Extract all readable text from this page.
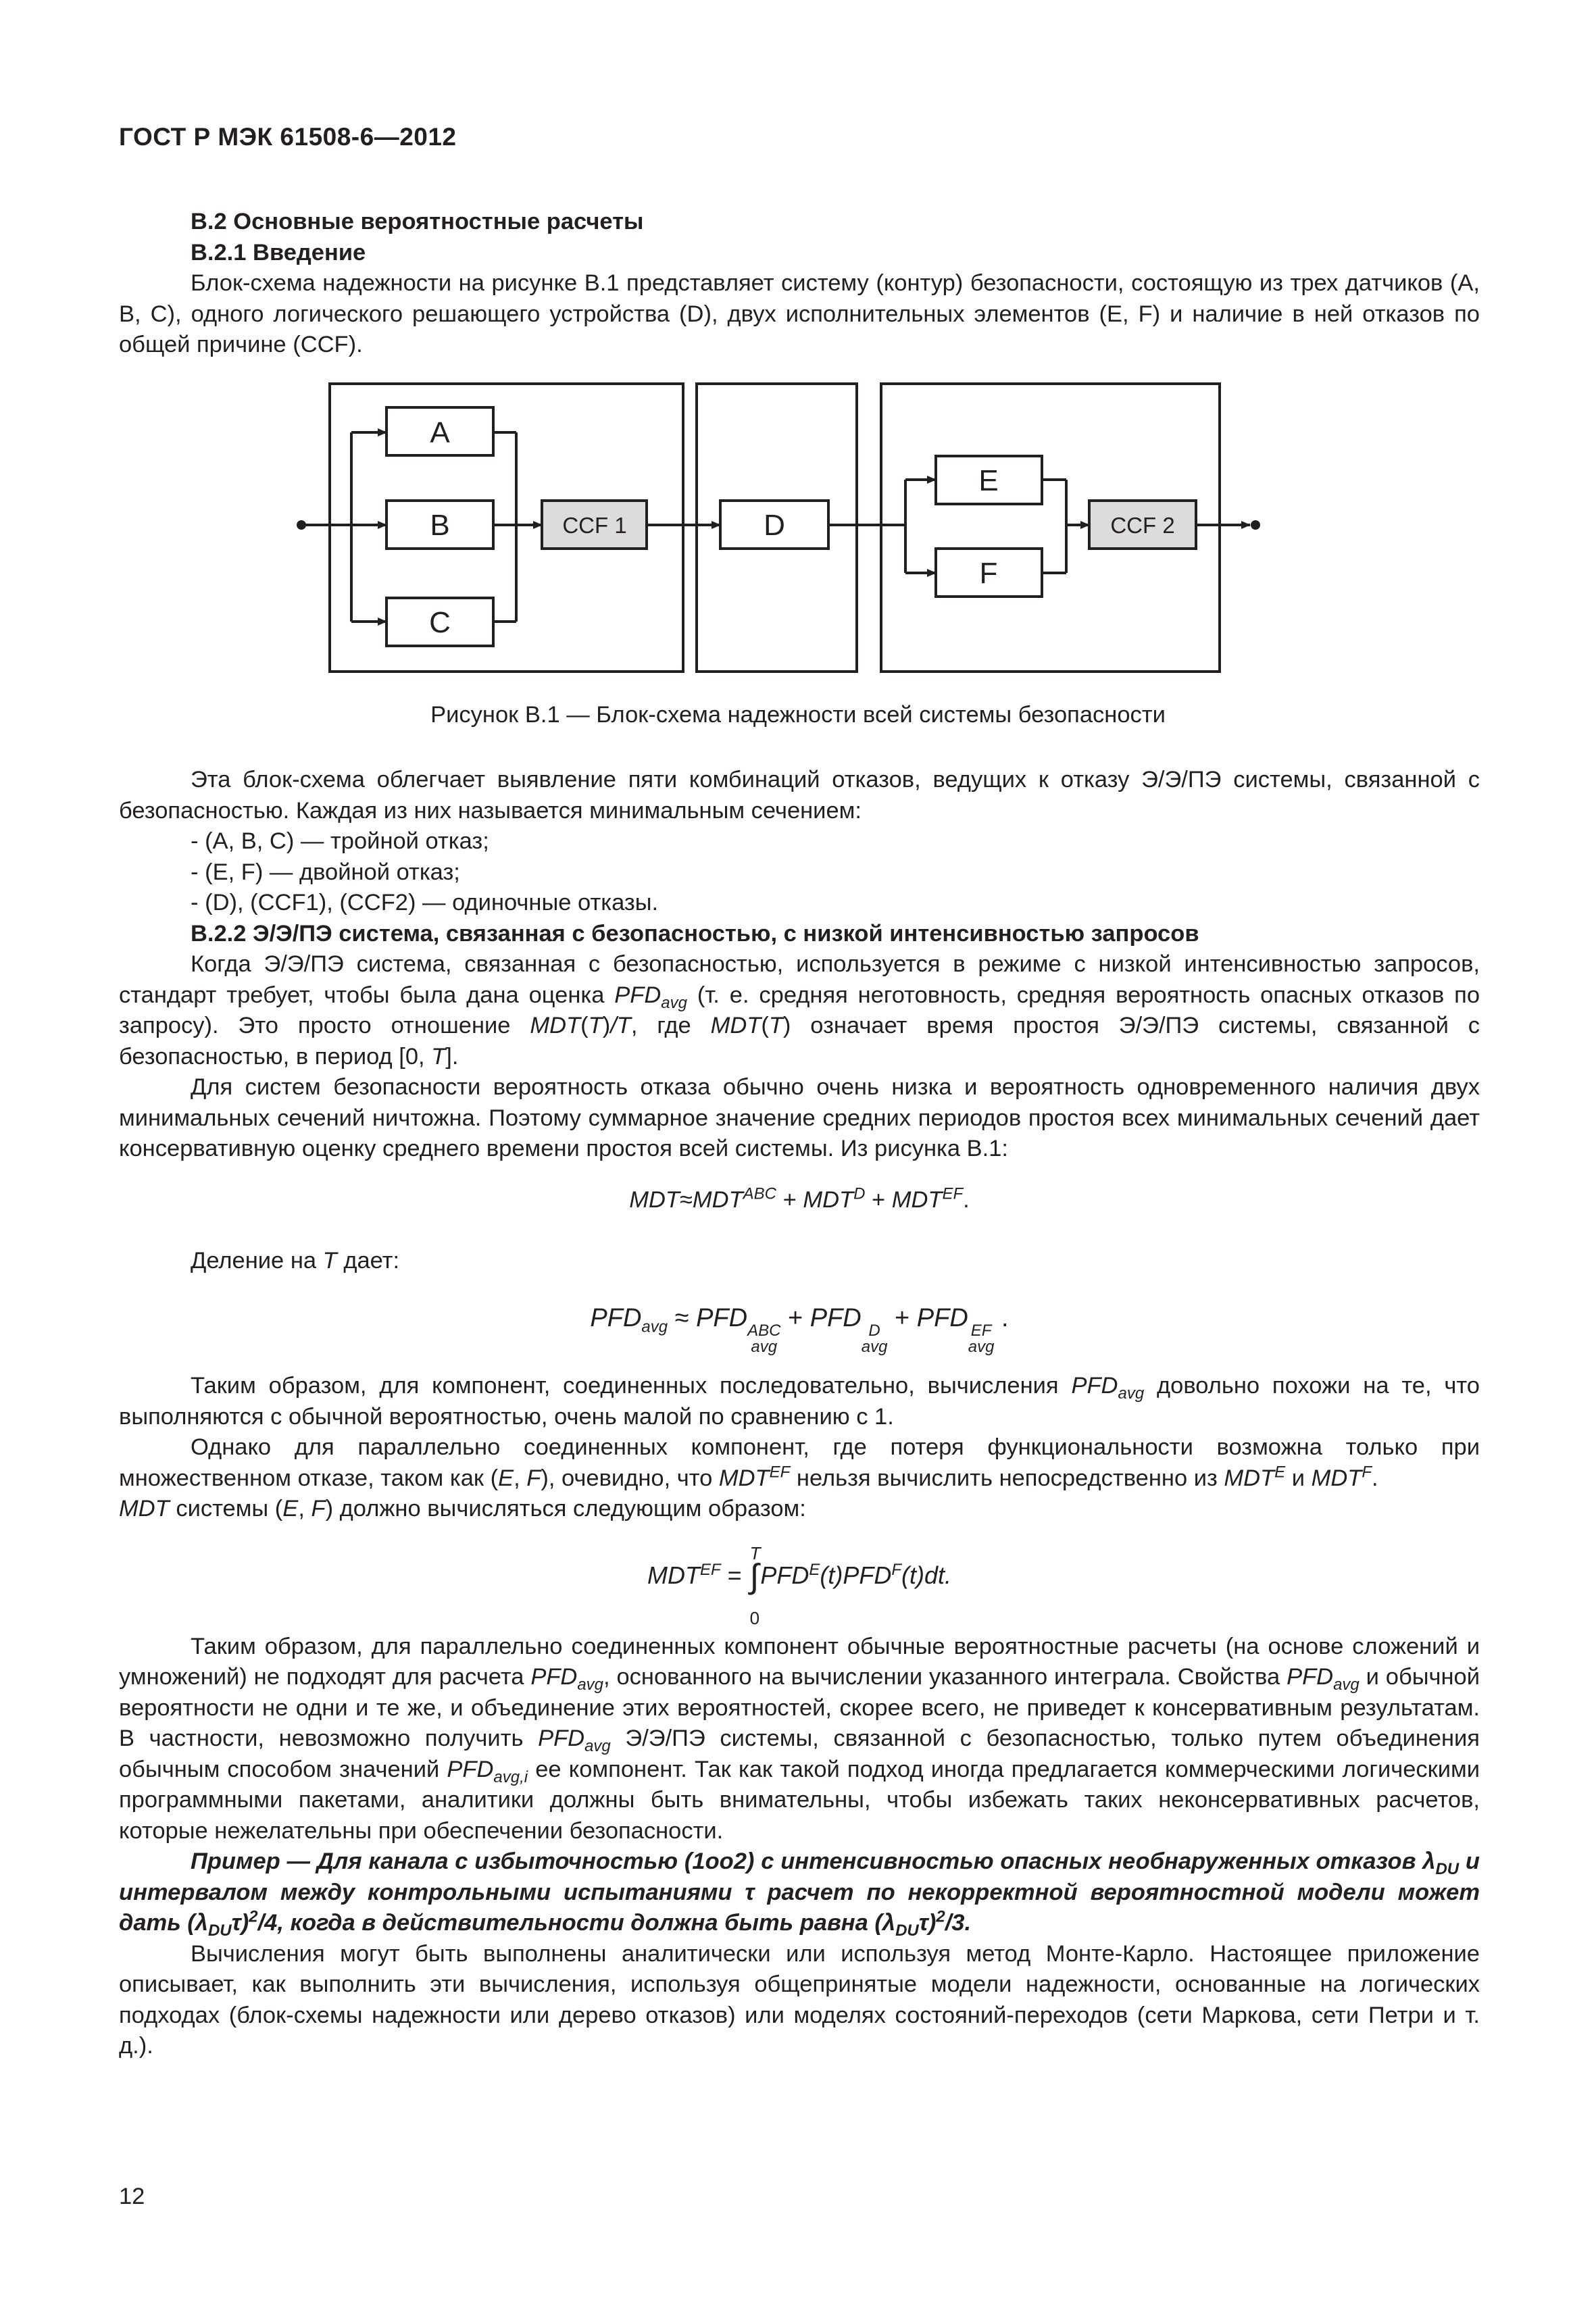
ГОСТ Р МЭК 61508-6—2012

В.2 Основные вероятностные расчеты

В.2.1 Введение

Блок-схема надежности на рисунке В.1 представляет систему (контур) безопасности, состоящую из трех датчиков (A, B, C), одного логического решающего устройства (D), двух исполнительных элементов (E, F) и наличие в ней отказов по общей причине (CCF).

A
B
C
CCF 1	D
E
F
CCF 2
Рисунок В.1 — Блок-схема надежности всей системы безопасности

Эта блок-схема облегчает выявление пяти комбинаций отказов, ведущих к отказу Э/Э/ПЭ системы, связанной с безопасностью. Каждая из них называется минимальным сечением:

- (A, B, C) — тройной отказ;

- (E, F) — двойной отказ;

- (D), (CCF1), (CCF2) — одиночные отказы.

В.2.2 Э/Э/ПЭ система, связанная с безопасностью, с низкой интенсивностью запросов

Когда Э/Э/ПЭ система, связанная с безопасностью, используется в режиме с низкой интенсивностью запросов, стандарт требует, чтобы была дана оценка $PFD_{avg}$ (т. е. средняя неготовность, средняя вероятность опасных отказов по запросу). Это просто отношение MDT(T)/T, где MDT(T) означает время простоя Э/Э/ПЭ системы, связанной с безопасностью, в период [0, T].

Для систем безопасности вероятность отказа обычно очень низка и вероятность одновременного наличия двух минимальных сечений ничтожна. Поэтому суммарное значение средних периодов простоя всех минимальных сечений дает консервативную оценку среднего времени простоя всей системы. Из рисунка В.1:

$MDT\approx MDT^{ABC} + MDT^D + MDT^{EF}$.

Деление на T дает:

$PFD_{avg}$ ≈ PFD ABC
avg
+ PFD D
avg
+ PFD EF
avg
.

Таким образом, для компонент, соединенных последовательно, вычисления $PFD_{avg}$ довольно похожи на те, что выполняются с обычной вероятностью, очень малой по сравнению с 1.

Однако для параллельно соединенных компонент, где потеря функциональности возможна только при множественном отказе, таком как (E, F), очевидно, что $MDT^{EF}$ нельзя вычислить непосредственно из $MDT^E$ и $MDT^F$.
MDT системы (E, F) должно вычисляться следующим образом:

$MDT^{EF}$ = ∫
T
0
$PFD^E(t)PFD^F(t)dt$.

Таким образом, для параллельно соединенных компонент обычные вероятностные расчеты (на основе сложений и умножений) не подходят для расчета $PFD_{avg}$, основанного на вычислении указанного интеграла. Свойства $PFD_{avg}$ и обычной вероятности не одни и те же, и объединение этих вероятностей, скорее всего, не приведет к консервативным результатам. В частности, невозможно получить $PFD_{avg}$ Э/Э/ПЭ системы, связанной с безопасностью, только путем объединения обычным способом значений $PFD_{avg,i}$ ее компонент. Так как такой подход иногда предлагается коммерческими логическими программными пакетами, аналитики должны быть внимательны, чтобы избежать таких неконсервативных расчетов, которые нежелательны при обеспечении безопасности.

Пример — Для канала с избыточностью (1oo2) с интенсивностью опасных необнаруженных отказов $\lambda_{DU}$ и интервалом между контрольными испытаниями τ расчет по некорректной вероятностной модели может дать $(\lambda_{DU}\tau)^2/4$, когда в действительности должна быть равна $(\lambda_{DU}\tau)^2/3$.

Вычисления могут быть выполнены аналитически или используя метод Монте-Карло. Настоящее приложение описывает, как выполнить эти вычисления, используя общепринятые модели надежности, основанные на логических подходах (блок-схемы надежности или дерево отказов) или моделях состояний-переходов (сети Маркова, сети Петри и т. д.).

12
